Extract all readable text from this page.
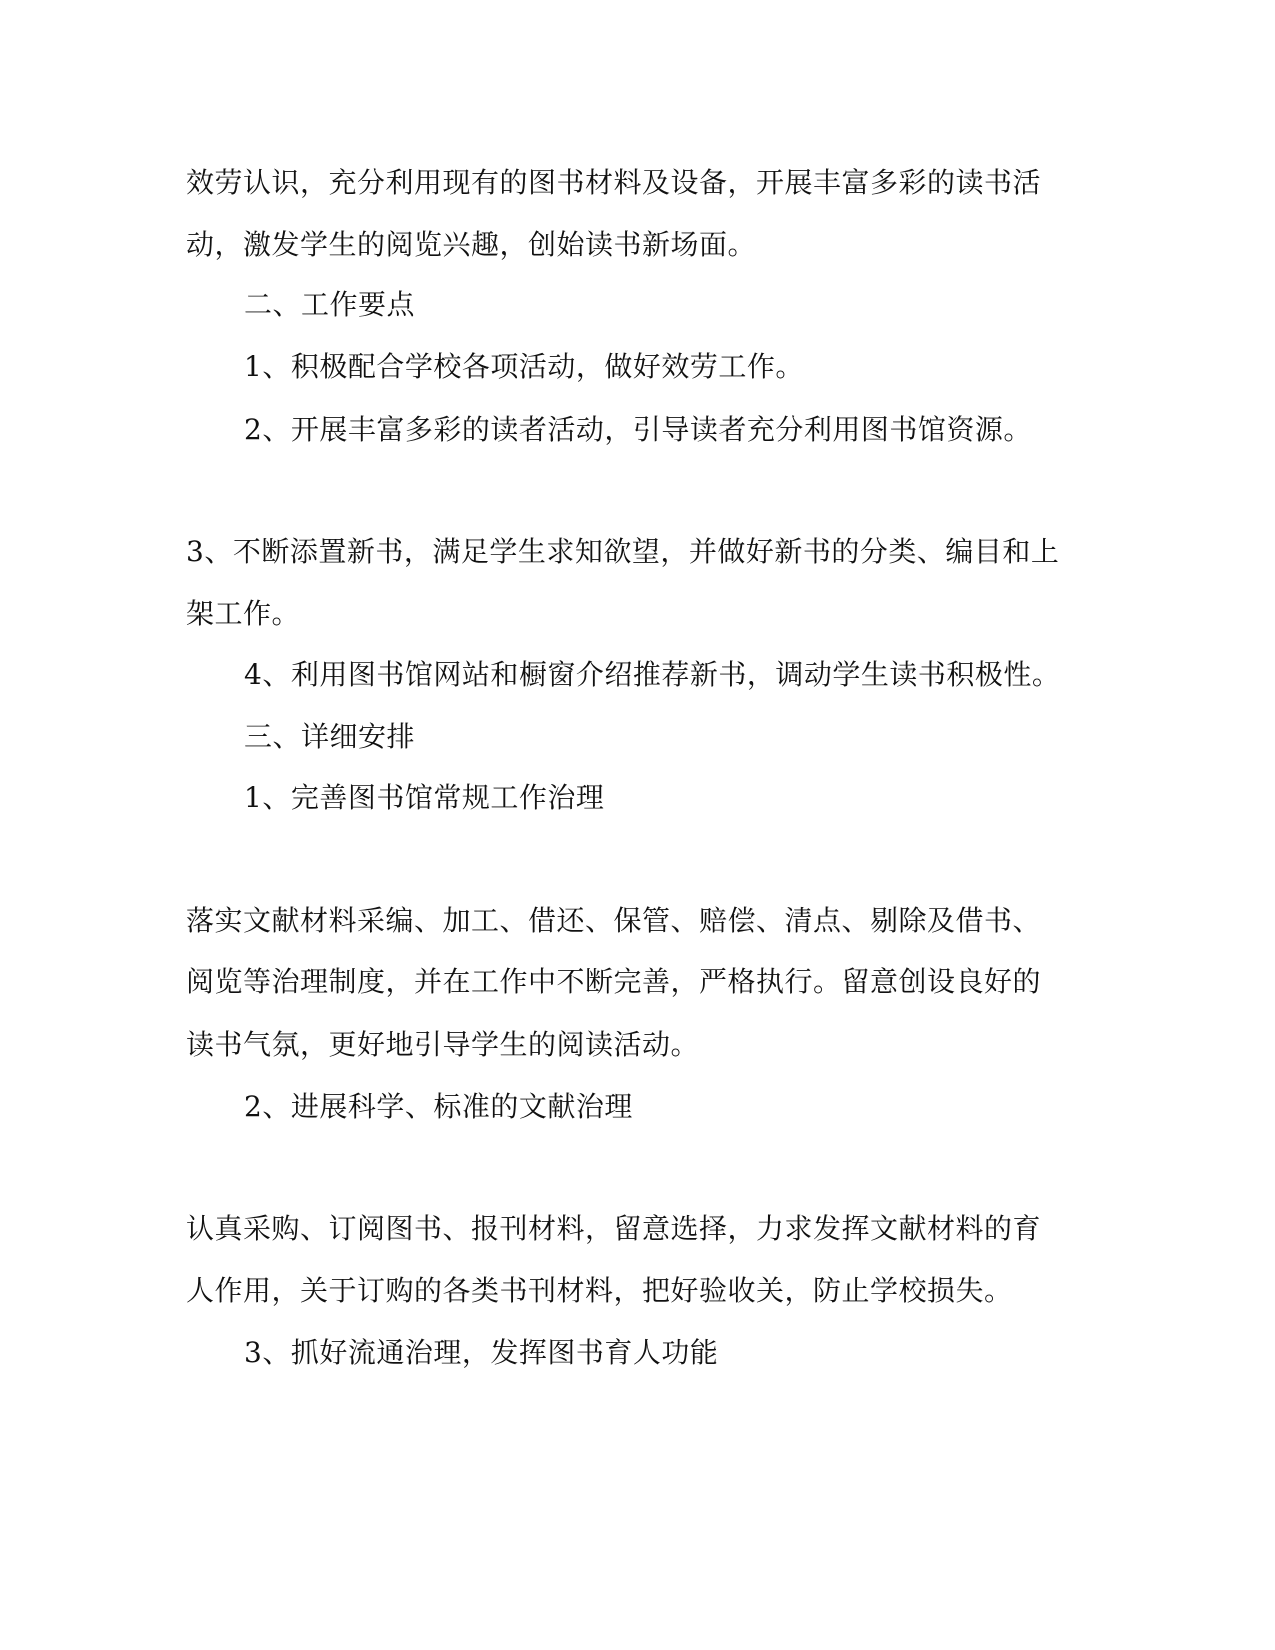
效劳认识，充分利用现有的图书材料及设备，开展丰富多彩的读书活
动，激发学生的阅览兴趣，创始读书新场面。
二、工作要点
1、积极配合学校各项活动，做好效劳工作。
2、开展丰富多彩的读者活动，引导读者充分利用图书馆资源。
3、不断添置新书，满足学生求知欲望，并做好新书的分类、编目和上
架工作。
4、利用图书馆网站和橱窗介绍推荐新书，调动学生读书积极性。
三、详细安排
1、完善图书馆常规工作治理
落实文献材料采编、加工、借还、保管、赔偿、清点、剔除及借书、
阅览等治理制度，并在工作中不断完善，严格执行。留意创设良好的
读书气氛，更好地引导学生的阅读活动。
2、进展科学、标准的文献治理
认真采购、订阅图书、报刊材料，留意选择，力求发挥文献材料的育
人作用，关于订购的各类书刊材料，把好验收关，防止学校损失。
3、抓好流通治理，发挥图书育人功能
